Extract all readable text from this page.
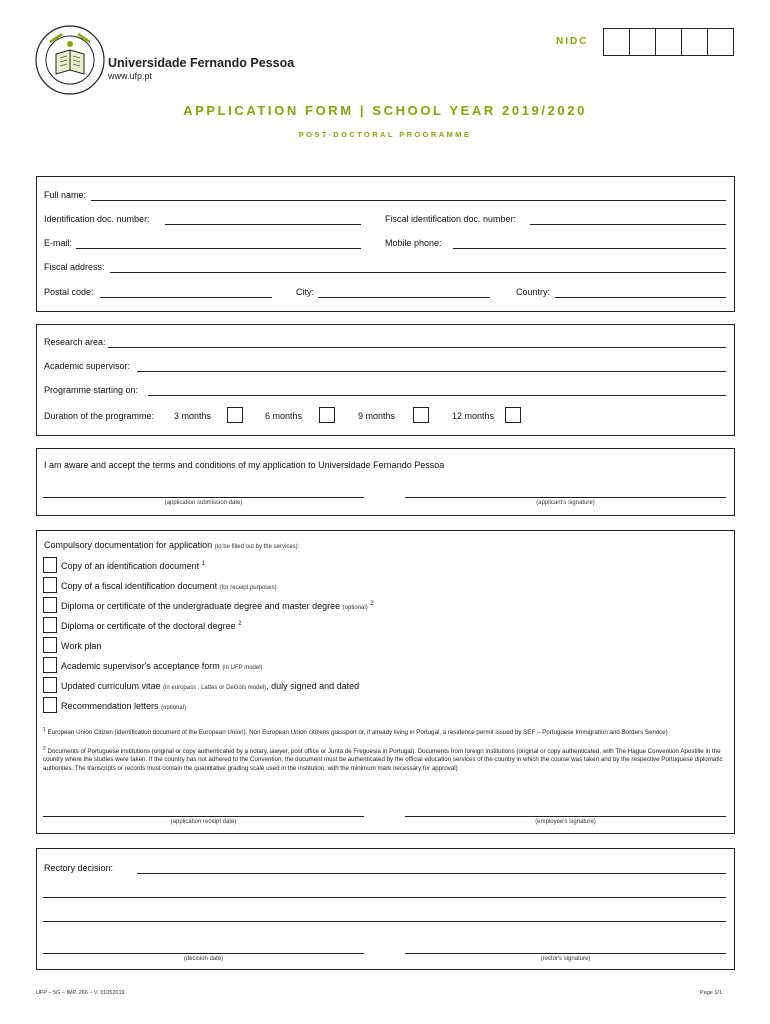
Universidade Fernando Pessoa
www.ufp.pt
NIDC
APPLICATION FORM | SCHOOL YEAR 2019/2020
POST-DOCTORAL PROGRAMME
Full name:
Identification doc. number:	Fiscal identification doc. number:
E-mail:	Mobile phone:
Fiscal address:
Postal code:	City:	Country:
Research area:
Academic supervisor:
Programme starting on:
Duration of the programme: 3 months	6 months	9 months	12 months
I am aware and accept the terms and conditions of my application to Universidade Fernando Pessoa
(application submission date)	(applicant's signature)
Compulsory documentation for application (to be filled out by the services):
Copy of an identification document $^1$
Copy of a fiscal identification document (for receipt purposes)
Diploma or certificate of the undergraduate degree and master degree (optional) $^2$
Diploma or certificate of the doctoral degree $^2$
Work plan
Academic supervisor's acceptance form (in UFP model)
Updated curriculum vitae (in europass , Lattes or DeGóis model), duly signed and dated
Recommendation letters (optional)
$^1$ European Union Citizen (identification document of the European Union). Non European Union citizens (passport or, if already living in Portugal, a residence permit issued by SEF – Portuguese Immigration and Borders Service)
$^2$ Documents of Portuguese institutions (original or copy authenticated by a notary, lawyer, post office or Junta de Freguesia in Portugal). Documents from foreign institutions (original or copy authenticated, with The Hague Convention Apostille in the country where the studies were taken. If the country has not adhered to the Convention, the document must be authenticated by the official education services of the country in which the course was taken and by the respective Portuguese diplomatic authorities. The transcripts or records must contain the quantitative grading scale used in the institution, with the minimum mark necessary for approval)
(application receipt date)	(employee's signature)
Rectory decision:
(decision date)	(rector's signature)
UFP – 5G – IMP. 266 – V. 31052019	Page 1/1
